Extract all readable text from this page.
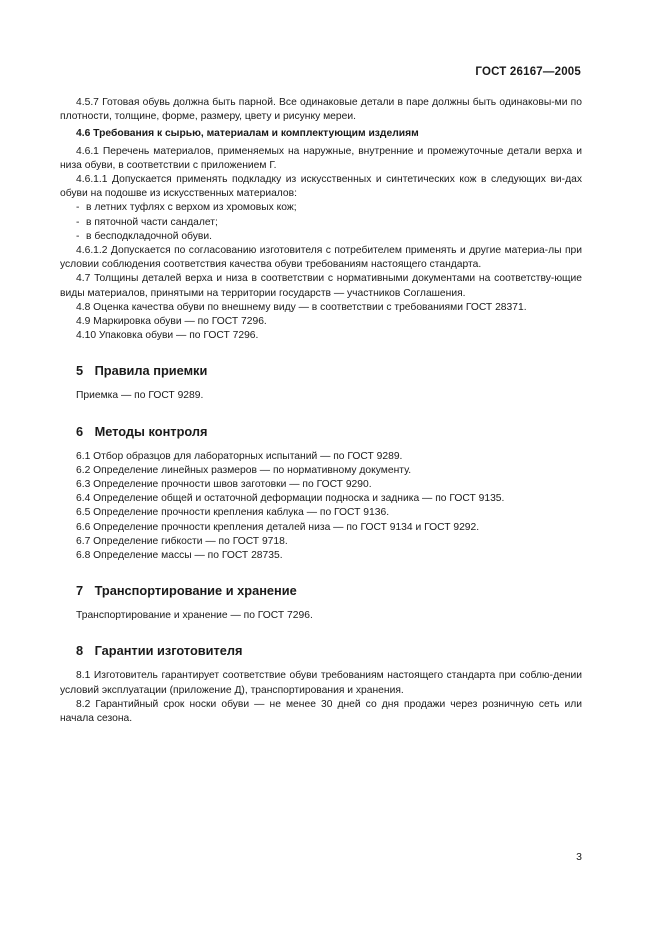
ГОСТ 26167—2005

4.5.7 Готовая обувь должна быть парной. Все одинаковые детали в паре должны быть одинаковы-ми по плотности, толщине, форме, размеру, цвету и рисунку мереи.

4.6 Требования к сырью, материалам и комплектующим изделиям

4.6.1 Перечень материалов, применяемых на наружные, внутренние и промежуточные детали верха и низа обуви, в соответствии с приложением Г.

4.6.1.1 Допускается применять подкладку из искусственных и синтетических кож в следующих ви-дах обуви на подошве из искусственных материалов:

- в летних туфлях с верхом из хромовых кож;

- в пяточной части сандалет;

- в бесподкладочной обуви.

4.6.1.2 Допускается по согласованию изготовителя с потребителем применять и другие материа-лы при условии соблюдения соответствия качества обуви требованиям настоящего стандарта.

4.7 Толщины деталей верха и низа в соответствии с нормативными документами на соответству-ющие виды материалов, принятыми на территории государств — участников Соглашения.

4.8 Оценка качества обуви по внешнему виду — в соответствии с требованиями ГОСТ 28371.

4.9 Маркировка обуви — по ГОСТ 7296.

4.10 Упаковка обуви — по ГОСТ 7296.

5 Правила приемки

Приемка — по ГОСТ 9289.

6 Методы контроля

6.1 Отбор образцов для лабораторных испытаний — по ГОСТ 9289.

6.2 Определение линейных размеров — по нормативному документу.

6.3 Определение прочности швов заготовки — по ГОСТ 9290.

6.4 Определение общей и остаточной деформации подноска и задника — по ГОСТ 9135.

6.5 Определение прочности крепления каблука — по ГОСТ 9136.

6.6 Определение прочности крепления деталей низа — по ГОСТ 9134 и ГОСТ 9292.

6.7 Определение гибкости — по ГОСТ 9718.

6.8 Определение массы — по ГОСТ 28735.

7 Транспортирование и хранение

Транспортирование и хранение — по ГОСТ 7296.

8 Гарантии изготовителя

8.1 Изготовитель гарантирует соответствие обуви требованиям настоящего стандарта при соблю-дении условий эксплуатации (приложение Д), транспортирования и хранения.

8.2 Гарантийный срок носки обуви — не менее 30 дней со дня продажи через розничную сеть или начала сезона.

3
